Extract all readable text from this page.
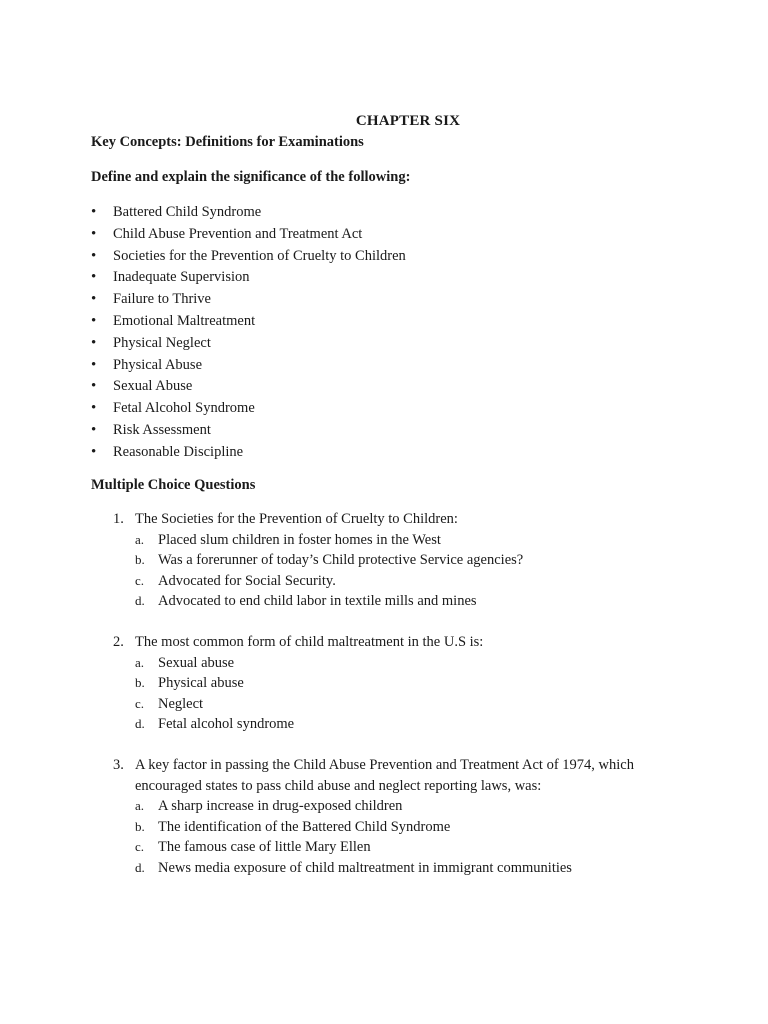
CHAPTER SIX
Key Concepts: Definitions for Examinations
Define and explain the significance of the following:
• Battered Child Syndrome
• Child Abuse Prevention and Treatment Act
• Societies for the Prevention of Cruelty to Children
• Inadequate Supervision
• Failure to Thrive
• Emotional Maltreatment
• Physical Neglect
• Physical Abuse
• Sexual Abuse
• Fetal Alcohol Syndrome
• Risk Assessment
• Reasonable Discipline
Multiple Choice Questions
1. The Societies for the Prevention of Cruelty to Children:
a. Placed slum children in foster homes in the West
b. Was a forerunner of today’s Child protective Service agencies?
c. Advocated for Social Security.
d. Advocated to end child labor in textile mills and mines
2. The most common form of child maltreatment in the U.S is:
a. Sexual abuse
b. Physical abuse
c. Neglect
d. Fetal alcohol syndrome
3. A key factor in passing the Child Abuse Prevention and Treatment Act of 1974, which encouraged states to pass child abuse and neglect reporting laws, was:
a. A sharp increase in drug-exposed children
b. The identification of the Battered Child Syndrome
c. The famous case of little Mary Ellen
d. News media exposure of child maltreatment in immigrant communities
